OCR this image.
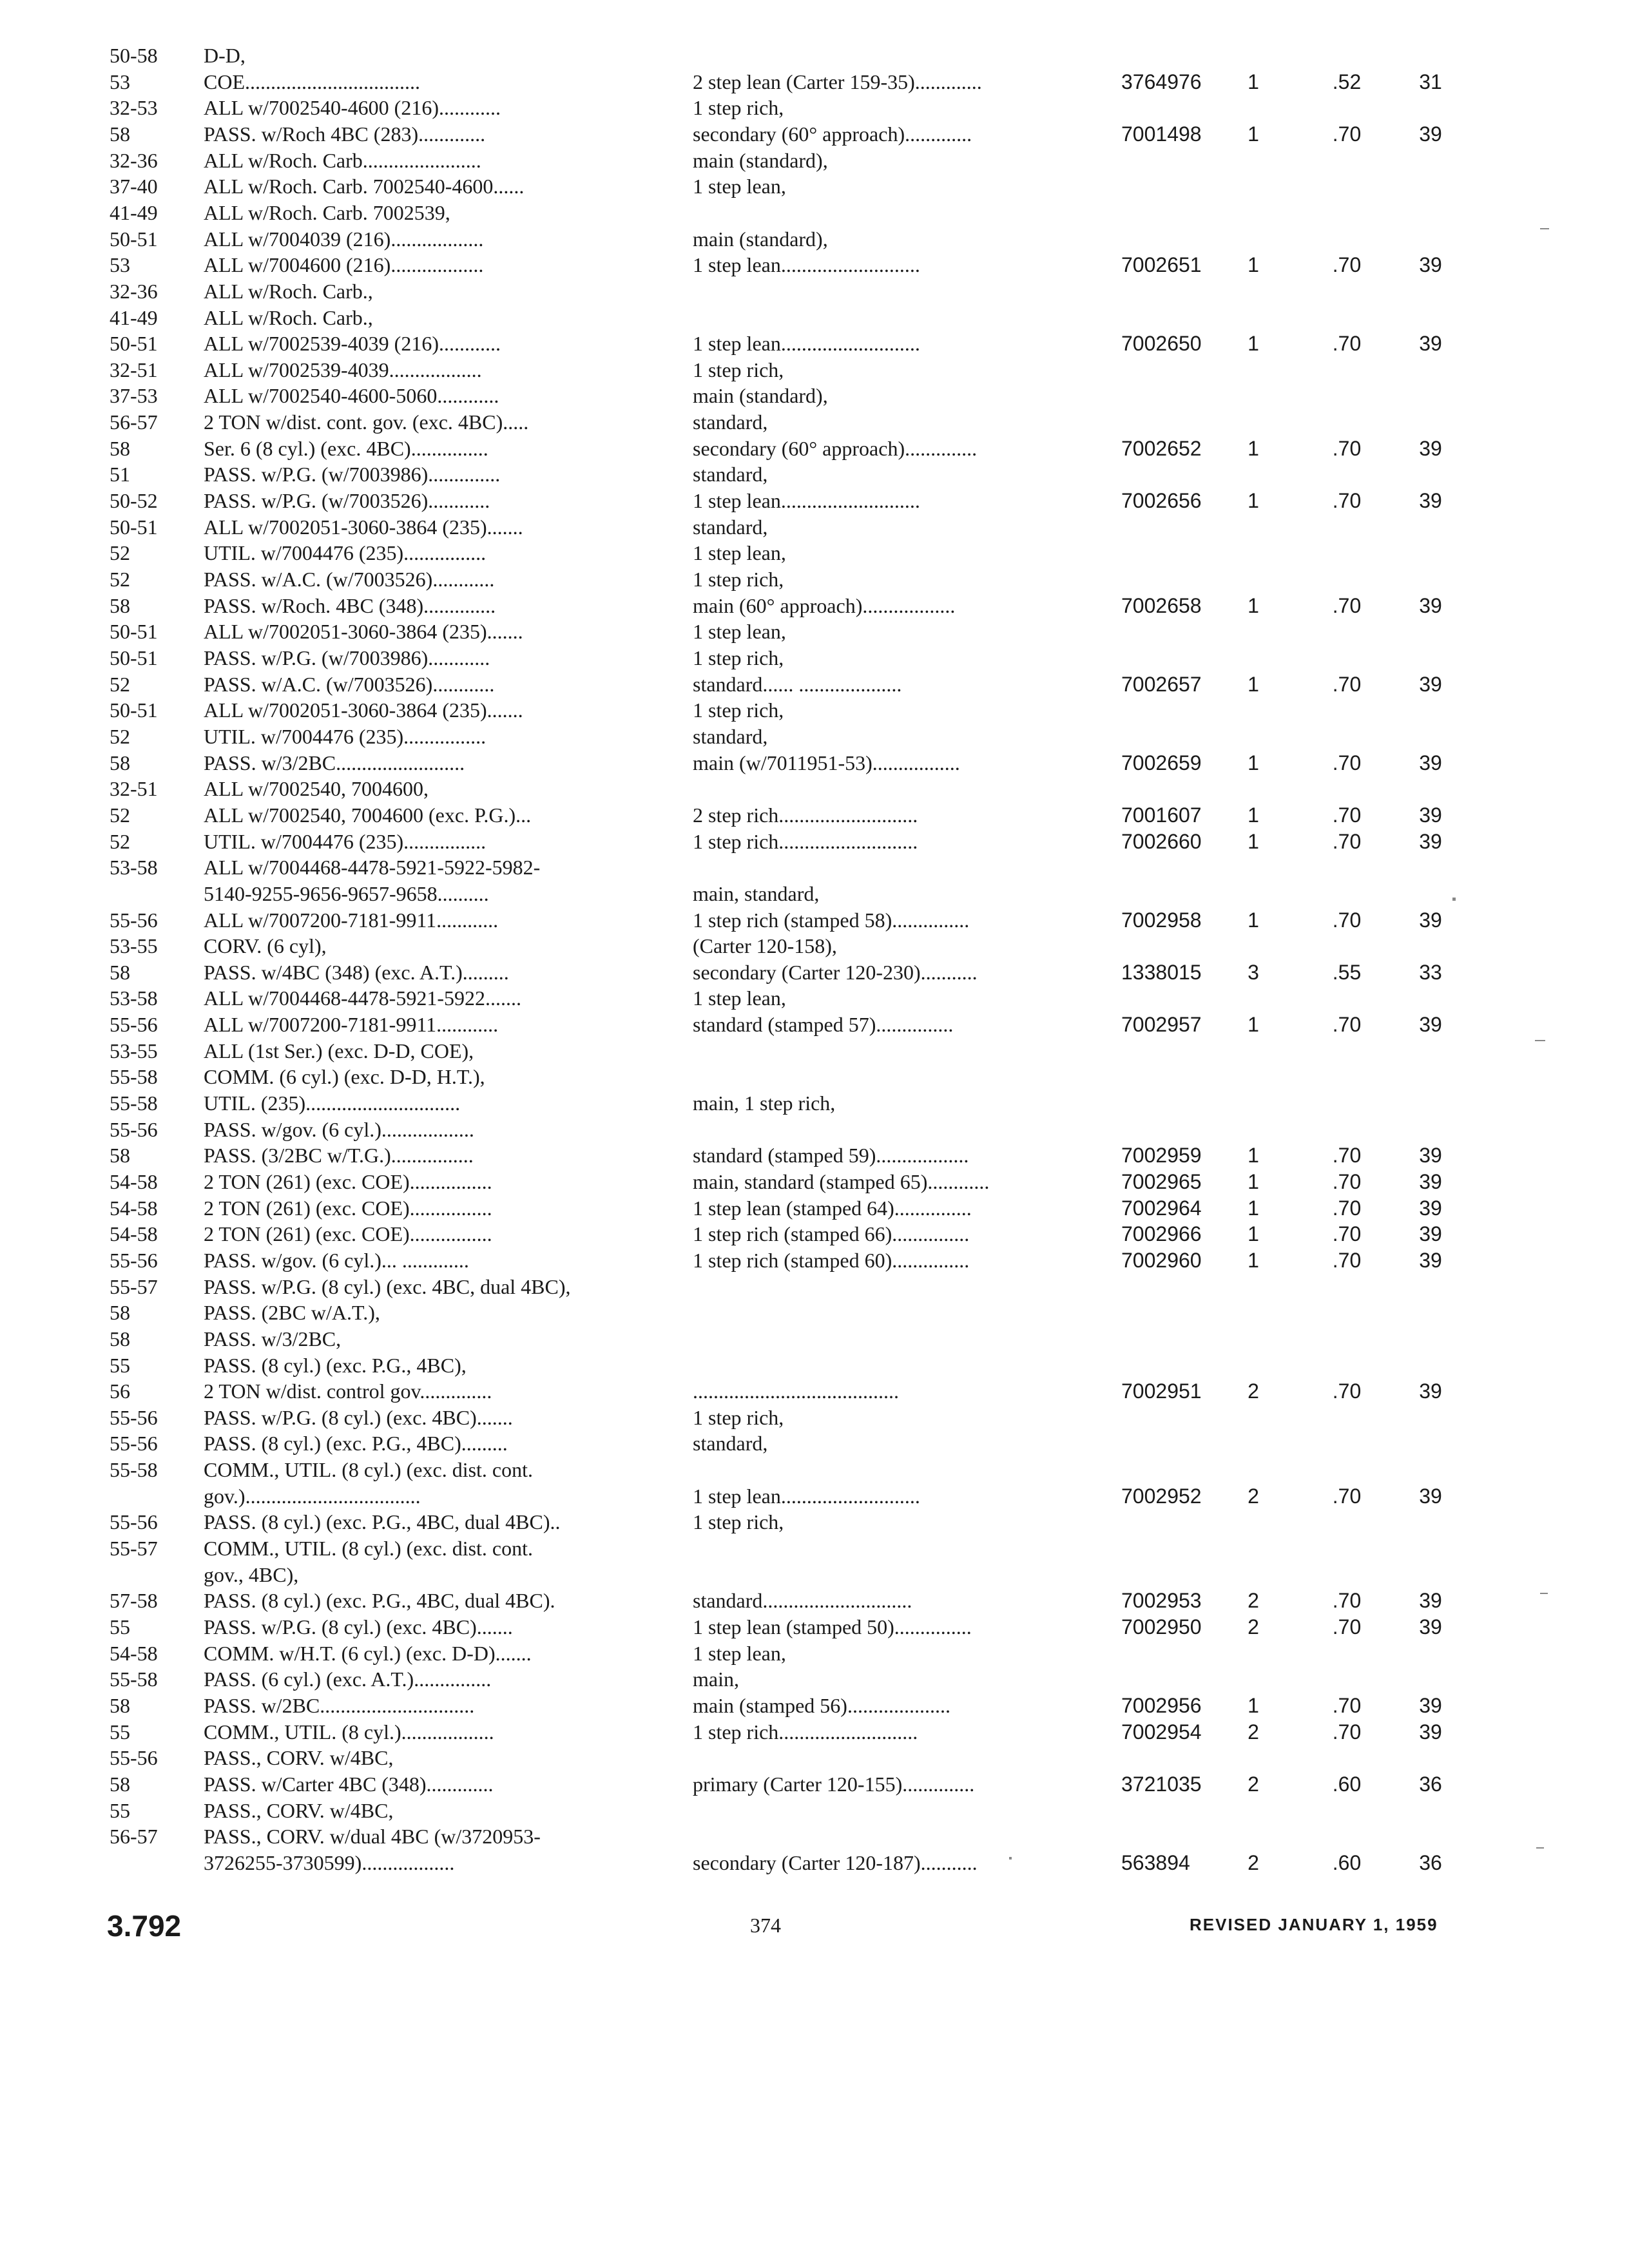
50-58	D-D,
53	COE..................................	2 step lean (Carter 159-35).............	3764976	1	.52	31
32-53	ALL w/7002540-4600 (216)............	1 step rich,
58	PASS. w/Roch 4BC (283).............	secondary (60° approach).............	7001498	1	.70	39
32-36	ALL w/Roch. Carb.......................	main (standard),
37-40	ALL w/Roch. Carb. 7002540-4600......	1 step lean,
41-49	ALL w/Roch. Carb. 7002539,
50-51	ALL w/7004039 (216)..................	main (standard),
53	ALL w/7004600 (216)..................	1 step lean...........................	7002651	1	.70	39
32-36	ALL w/Roch. Carb.,
41-49	ALL w/Roch. Carb.,
50-51	ALL w/7002539-4039 (216)............	1 step lean...........................	7002650	1	.70	39
32-51	ALL w/7002539-4039..................	1 step rich,
37-53	ALL w/7002540-4600-5060............	main (standard),
56-57	2 TON w/dist. cont. gov. (exc. 4BC).....	standard,
58	Ser. 6 (8 cyl.) (exc. 4BC)...............	secondary (60° approach)..............	7002652	1	.70	39
51	PASS. w/P.G. (w/7003986)..............	standard,
50-52	PASS. w/P.G. (w/7003526)............	1 step lean...........................	7002656	1	.70	39
50-51	ALL w/7002051-3060-3864 (235).......	standard,
52	UTIL. w/7004476 (235)................	1 step lean,
52	PASS. w/A.C. (w/7003526)............	1 step rich,
58	PASS. w/Roch. 4BC (348)..............	main (60° approach)..................	7002658	1	.70	39
50-51	ALL w/7002051-3060-3864 (235).......	1 step lean,
50-51	PASS. w/P.G. (w/7003986)............	1 step rich,
52	PASS. w/A.C. (w/7003526)............	standard...... ....................	7002657	1	.70	39
50-51	ALL w/7002051-3060-3864 (235).......	1 step rich,
52	UTIL. w/7004476 (235)................	standard,
58	PASS. w/3/2BC.........................	main (w/7011951-53).................	7002659	1	.70	39
32-51	ALL w/7002540, 7004600,
52	ALL w/7002540, 7004600 (exc. P.G.)...	2 step rich...........................	7001607	1	.70	39
52	UTIL. w/7004476 (235)................	1 step rich...........................	7002660	1	.70	39
53-58	ALL w/7004468-4478-5921-5922-5982-
5140-9255-9656-9657-9658..........	main, standard,
55-56	ALL w/7007200-7181-9911............	1 step rich (stamped 58)...............	7002958	1	.70	39
53-55	CORV. (6 cyl),	(Carter 120-158),
58	PASS. w/4BC (348) (exc. A.T.).........	secondary (Carter 120-230)...........	1338015	3	.55	33
53-58	ALL w/7004468-4478-5921-5922.......	1 step lean,
55-56	ALL w/7007200-7181-9911............	standard (stamped 57)...............	7002957	1	.70	39
53-55	ALL (1st Ser.) (exc. D-D, COE),
55-58	COMM. (6 cyl.) (exc. D-D, H.T.),
55-58	UTIL. (235)..............................	main, 1 step rich,
55-56	PASS. w/gov. (6 cyl.)..................
58	PASS. (3/2BC w/T.G.)................	standard (stamped 59)..................	7002959	1	.70	39
54-58	2 TON (261) (exc. COE)................	main, standard (stamped 65)............	7002965	1	.70	39
54-58	2 TON (261) (exc. COE)................	1 step lean (stamped 64)...............	7002964	1	.70	39
54-58	2 TON (261) (exc. COE)................	1 step rich (stamped 66)...............	7002966	1	.70	39
55-56	PASS. w/gov. (6 cyl.)... .............	1 step rich (stamped 60)...............	7002960	1	.70	39
55-57	PASS. w/P.G. (8 cyl.) (exc. 4BC, dual 4BC),
58	PASS. (2BC w/A.T.),
58	PASS. w/3/2BC,
55	PASS. (8 cyl.) (exc. P.G., 4BC),
56	2 TON w/dist. control gov..............	........................................	7002951	2	.70	39
55-56	PASS. w/P.G. (8 cyl.) (exc. 4BC).......	1 step rich,
55-56	PASS. (8 cyl.) (exc. P.G., 4BC).........	standard,
55-58	COMM., UTIL. (8 cyl.) (exc. dist. cont.
gov.)..................................	1 step lean...........................	7002952	2	.70	39
55-56	PASS. (8 cyl.) (exc. P.G., 4BC, dual 4BC)..	1 step rich,
55-57	COMM., UTIL. (8 cyl.) (exc. dist. cont.
gov., 4BC),
57-58	PASS. (8 cyl.) (exc. P.G., 4BC, dual 4BC).	standard.............................	7002953	2	.70	39
55	PASS. w/P.G. (8 cyl.) (exc. 4BC).......	1 step lean (stamped 50)...............	7002950	2	.70	39
54-58	COMM. w/H.T. (6 cyl.) (exc. D-D).......	1 step lean,
55-58	PASS. (6 cyl.) (exc. A.T.)...............	main,
58	PASS. w/2BC..............................	main (stamped 56)....................	7002956	1	.70	39
55	COMM., UTIL. (8 cyl.)..................	1 step rich...........................	7002954	2	.70	39
55-56	PASS., CORV. w/4BC,
58	PASS. w/Carter 4BC (348).............	primary (Carter 120-155)..............	3721035	2	.60	36
55	PASS., CORV. w/4BC,
56-57	PASS., CORV. w/dual 4BC (w/3720953-
3726255-3730599)..................	secondary (Carter 120-187)...........	563894	2	.60	36
3.792	374	REVISED JANUARY 1, 1959
